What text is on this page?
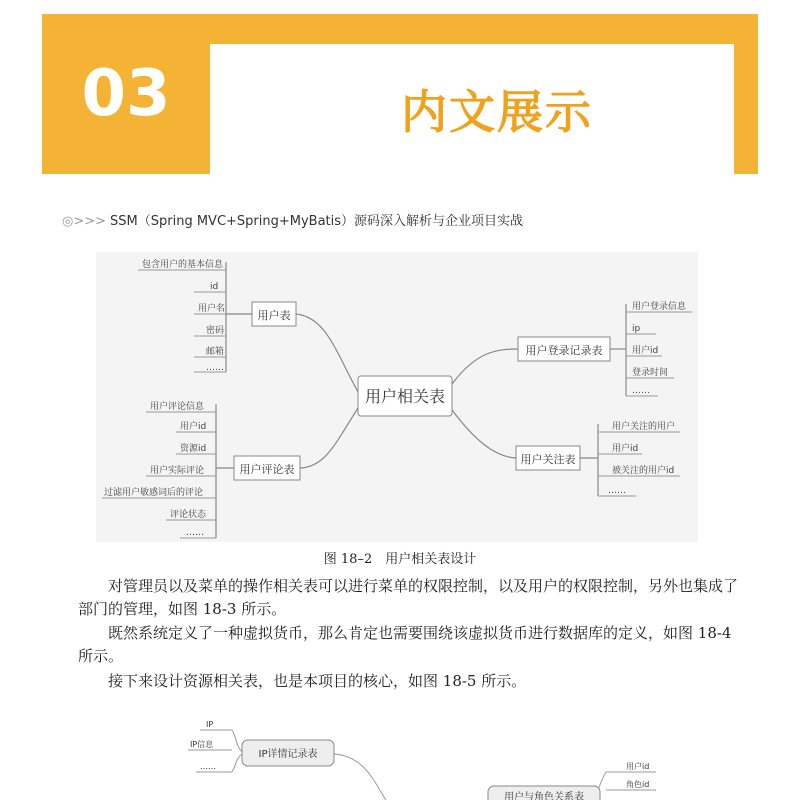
03	内文展示
◎>>> SSM（Spring MVC+Spring+MyBatis）源码深入解析与企业项目实战
用户相关表
用户表
用户评论表
用户登录记录表
用户关注表
包含用户的基本信息
id
用户名
密码
邮箱
……
用户评论信息
用户id
资源id
用户实际评论
过滤用户敏感词后的评论
评论状态
……
用户登录信息
ip
用户id
登录时间
……
用户关注的用户
用户id
被关注的用户id
……
图 18–2　用户相关表设计
对管理员以及菜单的操作相关表可以进行菜单的权限控制，以及用户的权限控制，另外也集成了部门的管理，如图 18-3 所示。
既然系统定义了一种虚拟货币，那么肯定也需要围绕该虚拟货币进行数据库的定义，如图 18-4 所示。
接下来设计资源相关表，也是本项目的核心，如图 18-5 所示。
IP详情记录表
IP
IP信息
……
用户与角色关系表
用户id
角色id
